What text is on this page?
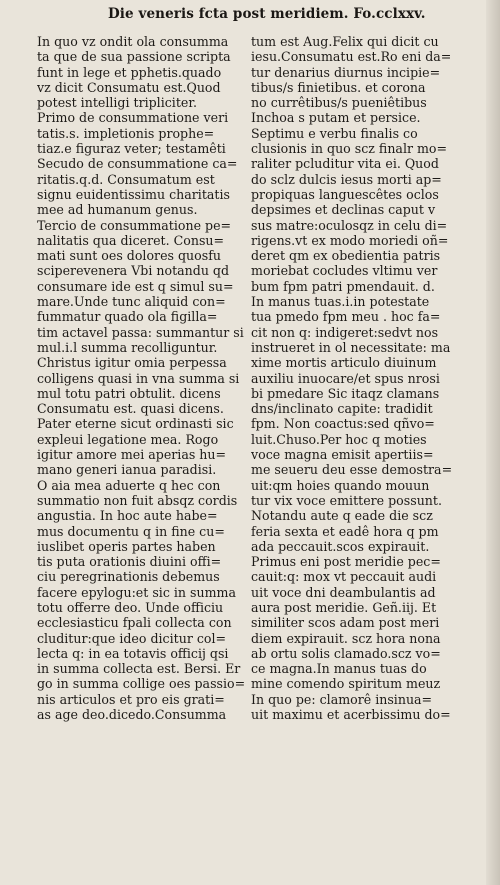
Die veneris fcta post meridiem. Fo.cclxxv.
In quo vz ondit ola consumma
ta que de sua passione scripta
funt in lege et pphetis.quado
vz dicit Consumatu est.Quod
potest intelligi tripliciter.
Primo de consummatione veri
tatis.s. impletionis prophe=
tiaz.e figuraz veter; testamêti
Secudo de consummatione ca=
ritatis.q.d. Consumatum est
signu euidentissimu charitatis
mee ad humanum genus.
Tercio de consummatione pe=
nalitatis qua diceret. Consu=
mati sunt oes dolores quosfu
sciperevenera Vbi notandu qd
consumare ide est q simul su=
mare.Unde tunc aliquid con=
fummatur quado ola figilla=
tim actavel passa: summantur si
mul.i.l summa recolliguntur.
Christus igitur omia perpessa
colligens quasi in vna summa si
mul totu patri obtulit. dicens
Consumatu est. quasi dicens.
Pater eterne sicut ordinasti sic
expleui legatione mea. Rogo
igitur amore mei aperias hu=
mano generi ianua paradisi.
O aia mea aduerte q hec con
summatio non fuit absqz cordis
angustia. In hoc aute habe=
mus documentu q in fine cu=
iuslibet operis partes haben
tis puta orationis diuini offi=
ciu peregrinationis debemus
facere epylogu:et sic in summa
totu offerre deo. Unde officiu
ecclesiasticu fpali collecta con
cluditur:que ideo dicitur col=
lecta q: in ea totavis officij qsi
in summa collecta est. Bersi. Er
go in summa collige oes passio=
nis articulos et pro eis grati=
as age deo.dicedo.Consumma
tum est Aug.Felix qui dicit cu
iesu.Consumatu est.Ro eni da=
tur denarius diurnus incipie=
tibus/s finietibus. et corona
no currêtibus/s pueniêtibus
Inchoa s putam et persice.
Septimu e verbu finalis co
clusionis in quo scz finalr mo=
raliter pcluditur vita ei. Quod
do sclz dulcis iesus morti ap=
propiquas languescêtes oclos
depsimes et declinas caput v
sus matre:oculosqz in celu di=
rigens.vt ex modo moriedi oñ=
deret qm ex obedientia patris
moriebat cocludes vltimu ver
bum fpm patri pmendauit. d.
In manus tuas.i.in potestate
tua pmedo fpm meu . hoc fa=
cit non q: indigeret:sedvt nos
instrueret in ol necessitate: ma
xime mortis articulo diuinum
auxiliu inuocare/et spus nrosi
bi pmedare Sic itaqz clamans
dns/inclinato capite: tradidit
fpm. Non coactus:sed qñvo=
luit.Chuso.Per hoc q moties
voce magna emisit apertiis=
me seueru deu esse demostra=
uit:qm hoies quando mouun
tur vix voce emittere possunt.
Notandu aute q eade die scz
feria sexta et eadê hora q pm
ada peccauit.scos expirauit.
Primus eni post meridie pec=
cauit:q: mox vt peccauit audi
uit voce dni deambulantis ad
aura post meridie. Geñ.iij. Et
similiter scos adam post meri
diem expirauit. scz hora nona
ab ortu solis clamado.scz vo=
ce magna.In manus tuas do
mine comendo spiritum meuz
In quo pe: clamorê insinua=
uit maximu et acerbissimu do=
